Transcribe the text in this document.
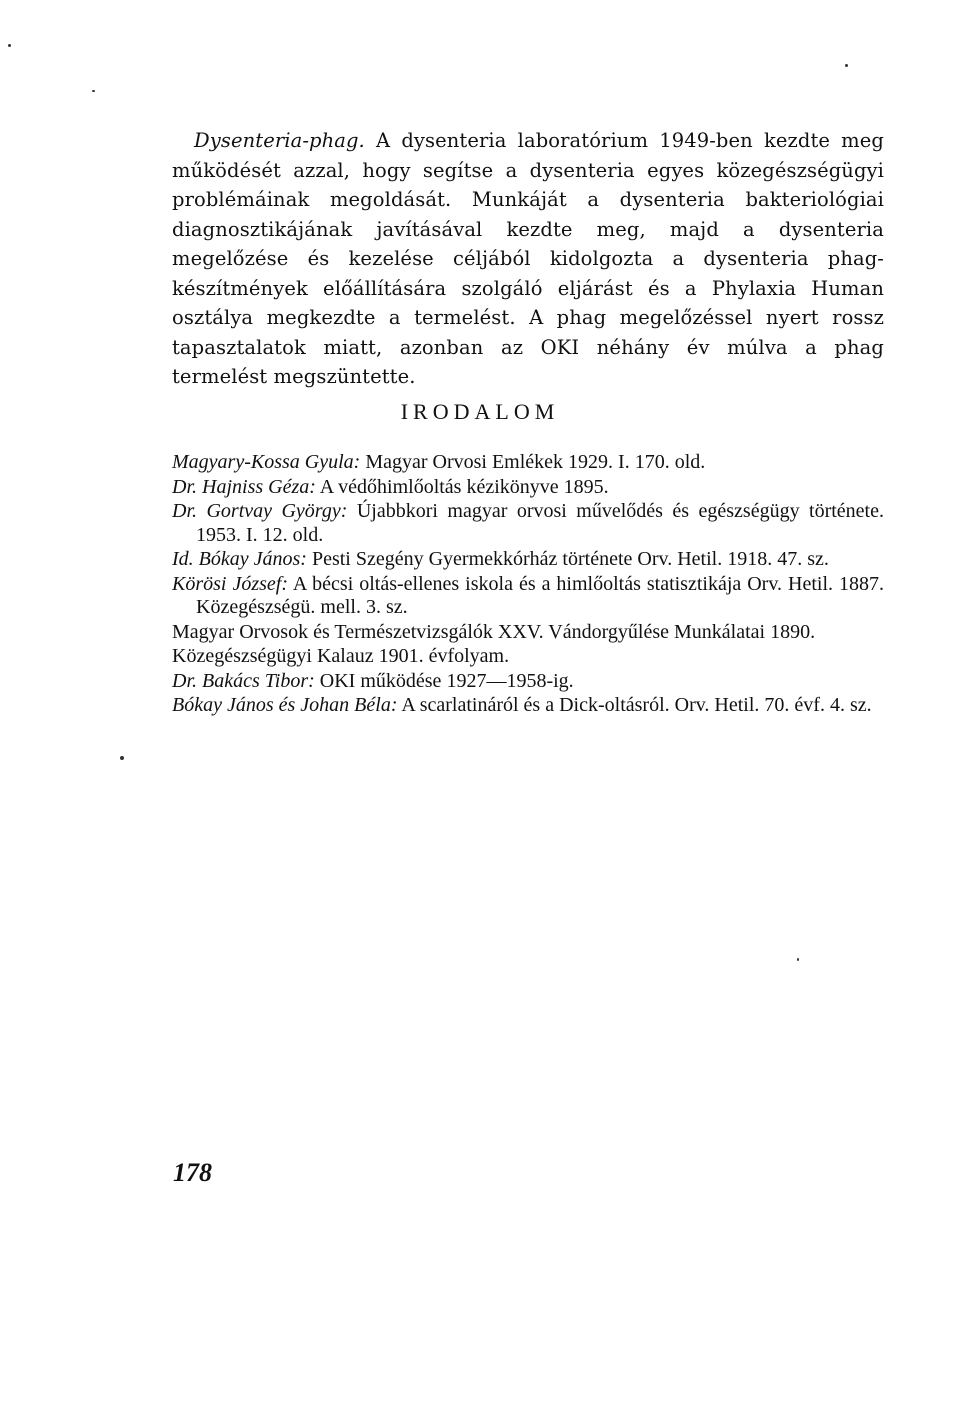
Dysenteria-phag. A dysenteria laboratórium 1949-ben kezdte meg működését azzal, hogy segítse a dysenteria egyes közegészségügyi problémáinak megoldását. Munkáját a dysenteria bakteriológiai diagnosztikájának javításával kezdte meg, majd a dysenteria megelőzése és kezelése céljából kidolgozta a dysenteria phag-készítmények előállítására szolgáló eljárást és a Phylaxia Human osztálya megkezdte a termelést. A phag megelőzéssel nyert rossz tapasztalatok miatt, azonban az OKI néhány év múlva a phag termelést megszüntette.

IRODALOM
Magyary-Kossa Gyula: Magyar Orvosi Emlékek 1929. I. 170. old.
Dr. Hajniss Géza: A védőhimlőoltás kézikönyve 1895.
Dr. Gortvay György: Újabbkori magyar orvosi művelődés és egészségügy története. 1953. I. 12. old.
Id. Bókay János: Pesti Szegény Gyermekkórház története Orv. Hetil. 1918. 47. sz.
Körösi József: A bécsi oltás-ellenes iskola és a himlőoltás statisztikája Orv. Hetil. 1887. Közegészségü. mell. 3. sz.
Magyar Orvosok és Természetvizsgálók XXV. Vándorgyűlése Munkálatai 1890.
Közegészségügyi Kalauz 1901. évfolyam.
Dr. Bakács Tibor: OKI működése 1927—1958-ig.
Bókay János és Johan Béla: A scarlatináról és a Dick-oltásról. Orv. Hetil. 70. évf. 4. sz.

178
